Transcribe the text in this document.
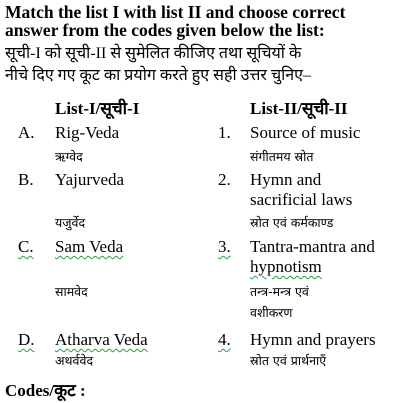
Match the list I with list II and choose correct
answer from the codes given below the list:
सूची-I को सूची-II से सुमेलित कीजिए तथा सूचियों के
नीचे दिए गए कूट का प्रयोग करते हुए सही उत्तर चुनिए–
List-I/सूची-I	List-II/सूची-II
A. Rig-Veda
ऋग्वेद
1. Source of music
संगीतमय स्रोत
B. Yajurveda
यजुर्वेद
2. Hymn and
sacrificial laws
स्रोत एवं कर्मकाण्ड
C. Sam Veda
सामवेद
3. Tantra-mantra and
hypnotism
तन्त्र-मन्त्र एवं
वशीकरण
D. Atharva Veda
अथर्ववेद
4. Hymn and prayers
स्रोत एवं प्रार्थनाएँ
Codes/कूट :
